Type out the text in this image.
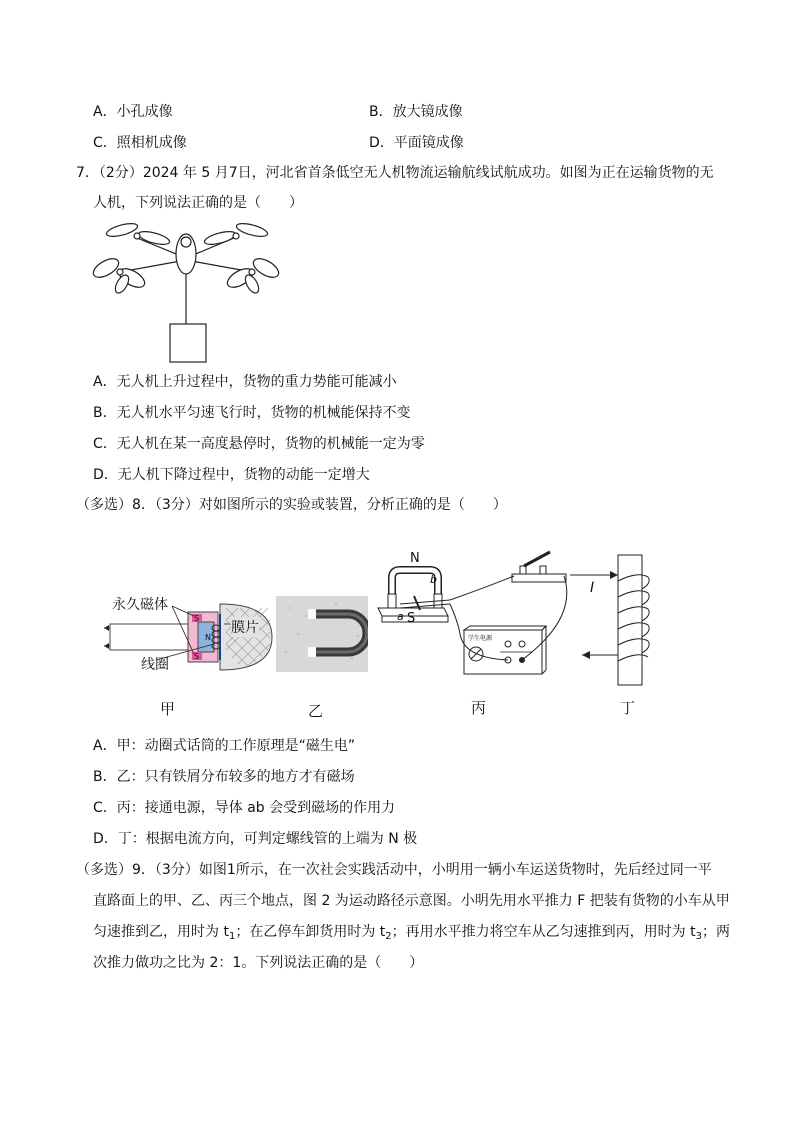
A．小孔成像	B．放大镜成像
C．照相机成像	D．平面镜成像
7．（2分）2024 年 5 月7日，河北省首条低空无人机物流运输航线试航成功。如图为正在运输货物的无
人机，下列说法正确的是（　　）
A．无人机上升过程中，货物的重力势能可能减小
B．无人机水平匀速飞行时，货物的机械能保持不变
C．无人机在某一高度悬停时，货物的机械能一定为零
D．无人机下降过程中，货物的动能一定增大
（多选）8．（3分）对如图所示的实验或装置，分析正确的是（　　）
S
S
N
永久磁体
线圈
膜片
学生电源
N
b
a S
I
甲	乙	丙	丁
A．甲：动圈式话筒的工作原理是“磁生电”
B．乙：只有铁屑分布较多的地方才有磁场
C．丙：接通电源，导体 ab 会受到磁场的作用力
D．丁：根据电流方向，可判定螺线管的上端为 N 极
（多选）9．（3分）如图1所示，在一次社会实践活动中，小明用一辆小车运送货物时，先后经过同一平
直路面上的甲、乙、丙三个地点，图 2 为运动路径示意图。小明先用水平推力 F 把装有货物的小车从甲
匀速推到乙，用时为 $t_1$；在乙停车卸货用时为 $t_2$；再用水平推力将空车从乙匀速推到丙，用时为 $t_3$；两
次推力做功之比为 2：1。下列说法正确的是（　　）
